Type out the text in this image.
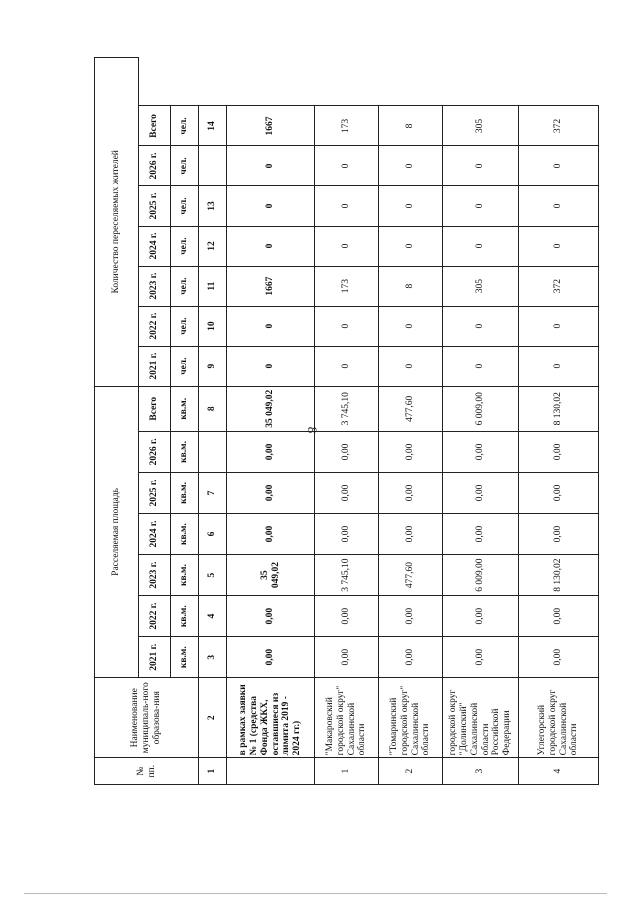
8
№ пп.	Наименование муниципаль-ного образова-ния	Расселяемая площадь							Количество переселяемых жителей						
		2021 г.	2022 г.	2023 г.	2024 г.	2025 г.	2026 г.	Всего	2021 г.	2022 г.	2023 г.	2024 г.	2025 г.	2026 г.	Всего
		кв.м.	кв.м.	кв.м.	кв.м.	кв.м.	кв.м.	кв.м.	чел.	чел.	чел.	чел.	чел.	чел.	чел.
1	2	3	4	5	6	7		8	9	10	11	12	13		14
	в рамках заявки № 1 (средства Фонда ЖКХ, оставшиеся из лимита 2019 - 2024 гг.)	0,00	0,00	35 049,02	0,00	0,00	0,00	35 049,02	0	0	1667	0	0	0	1667
1	"Макаровский городской округ" Сахалинской области	0,00	0,00	3 745,10	0,00	0,00	0,00	3 745,10	0	0	173	0	0	0	173
2	"Томаринский городской округ" Сахалинской области	0,00	0,00	477,60	0,00	0,00	0,00	477,60	0	0	8	0	0	0	8
3	городской округ "Долинский" Сахалинской области Российской Федерации	0,00	0,00	6 009,00	0,00	0,00	0,00	6 009,00	0	0	305	0	0	0	305
4	Углегорский городской округ Сахалинской области	0,00	0,00	8 130,02	0,00	0,00	0,00	8 130,02	0	0	372	0	0	0	372
